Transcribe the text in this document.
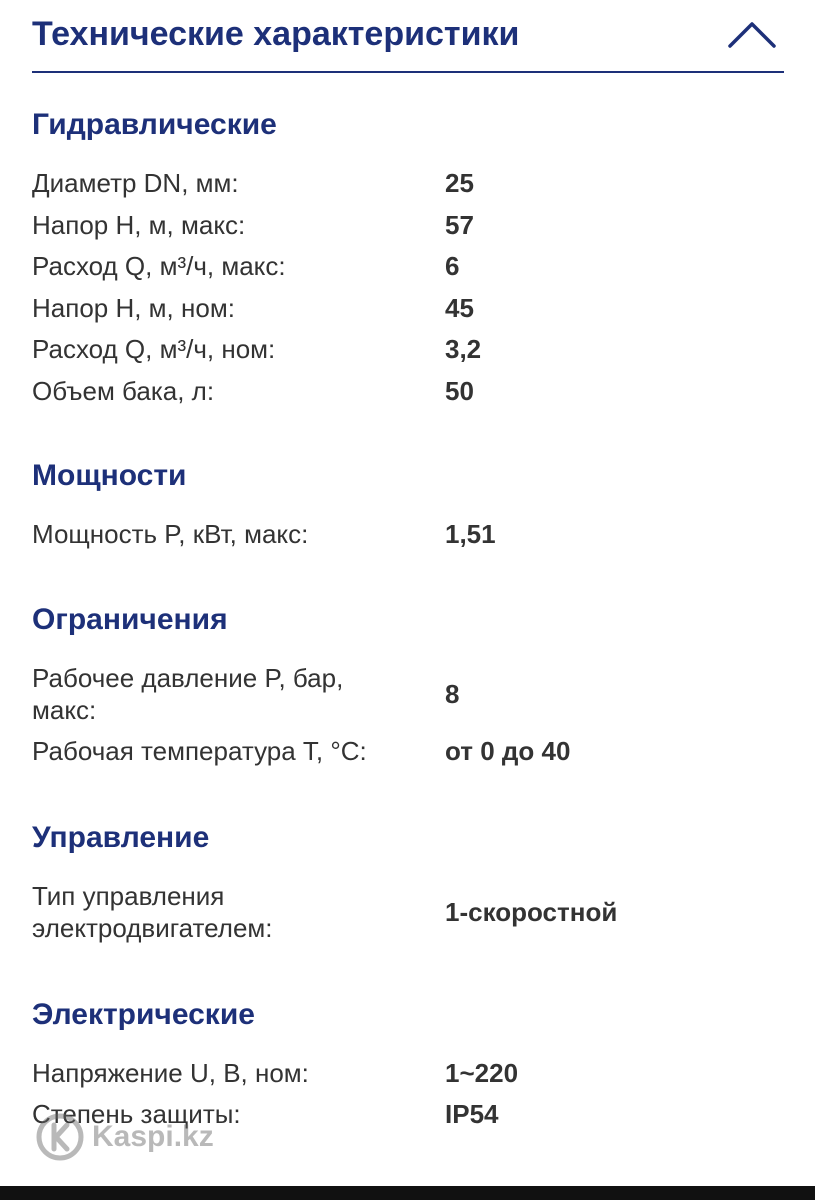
Технические характеристики
Гидравлические
Диаметр DN, мм:	25
Напор H, м, макс:	57
Расход Q, м³/ч, макс:	6
Напор H, м, ном:	45
Расход Q, м³/ч, ном:	3,2
Объем бака, л:	50
Мощности
Мощность P, кВт, макс:	1,51
Ограничения
Рабочее давление P, бар, макс:
8
Рабочая температура T, °C:	от 0 до 40
Управление
Тип управления электродвигателем:
1-скоростной
Электрические
Напряжение U, В, ном:	1~220
Степень защиты:	IP54
Kaspi.kz
